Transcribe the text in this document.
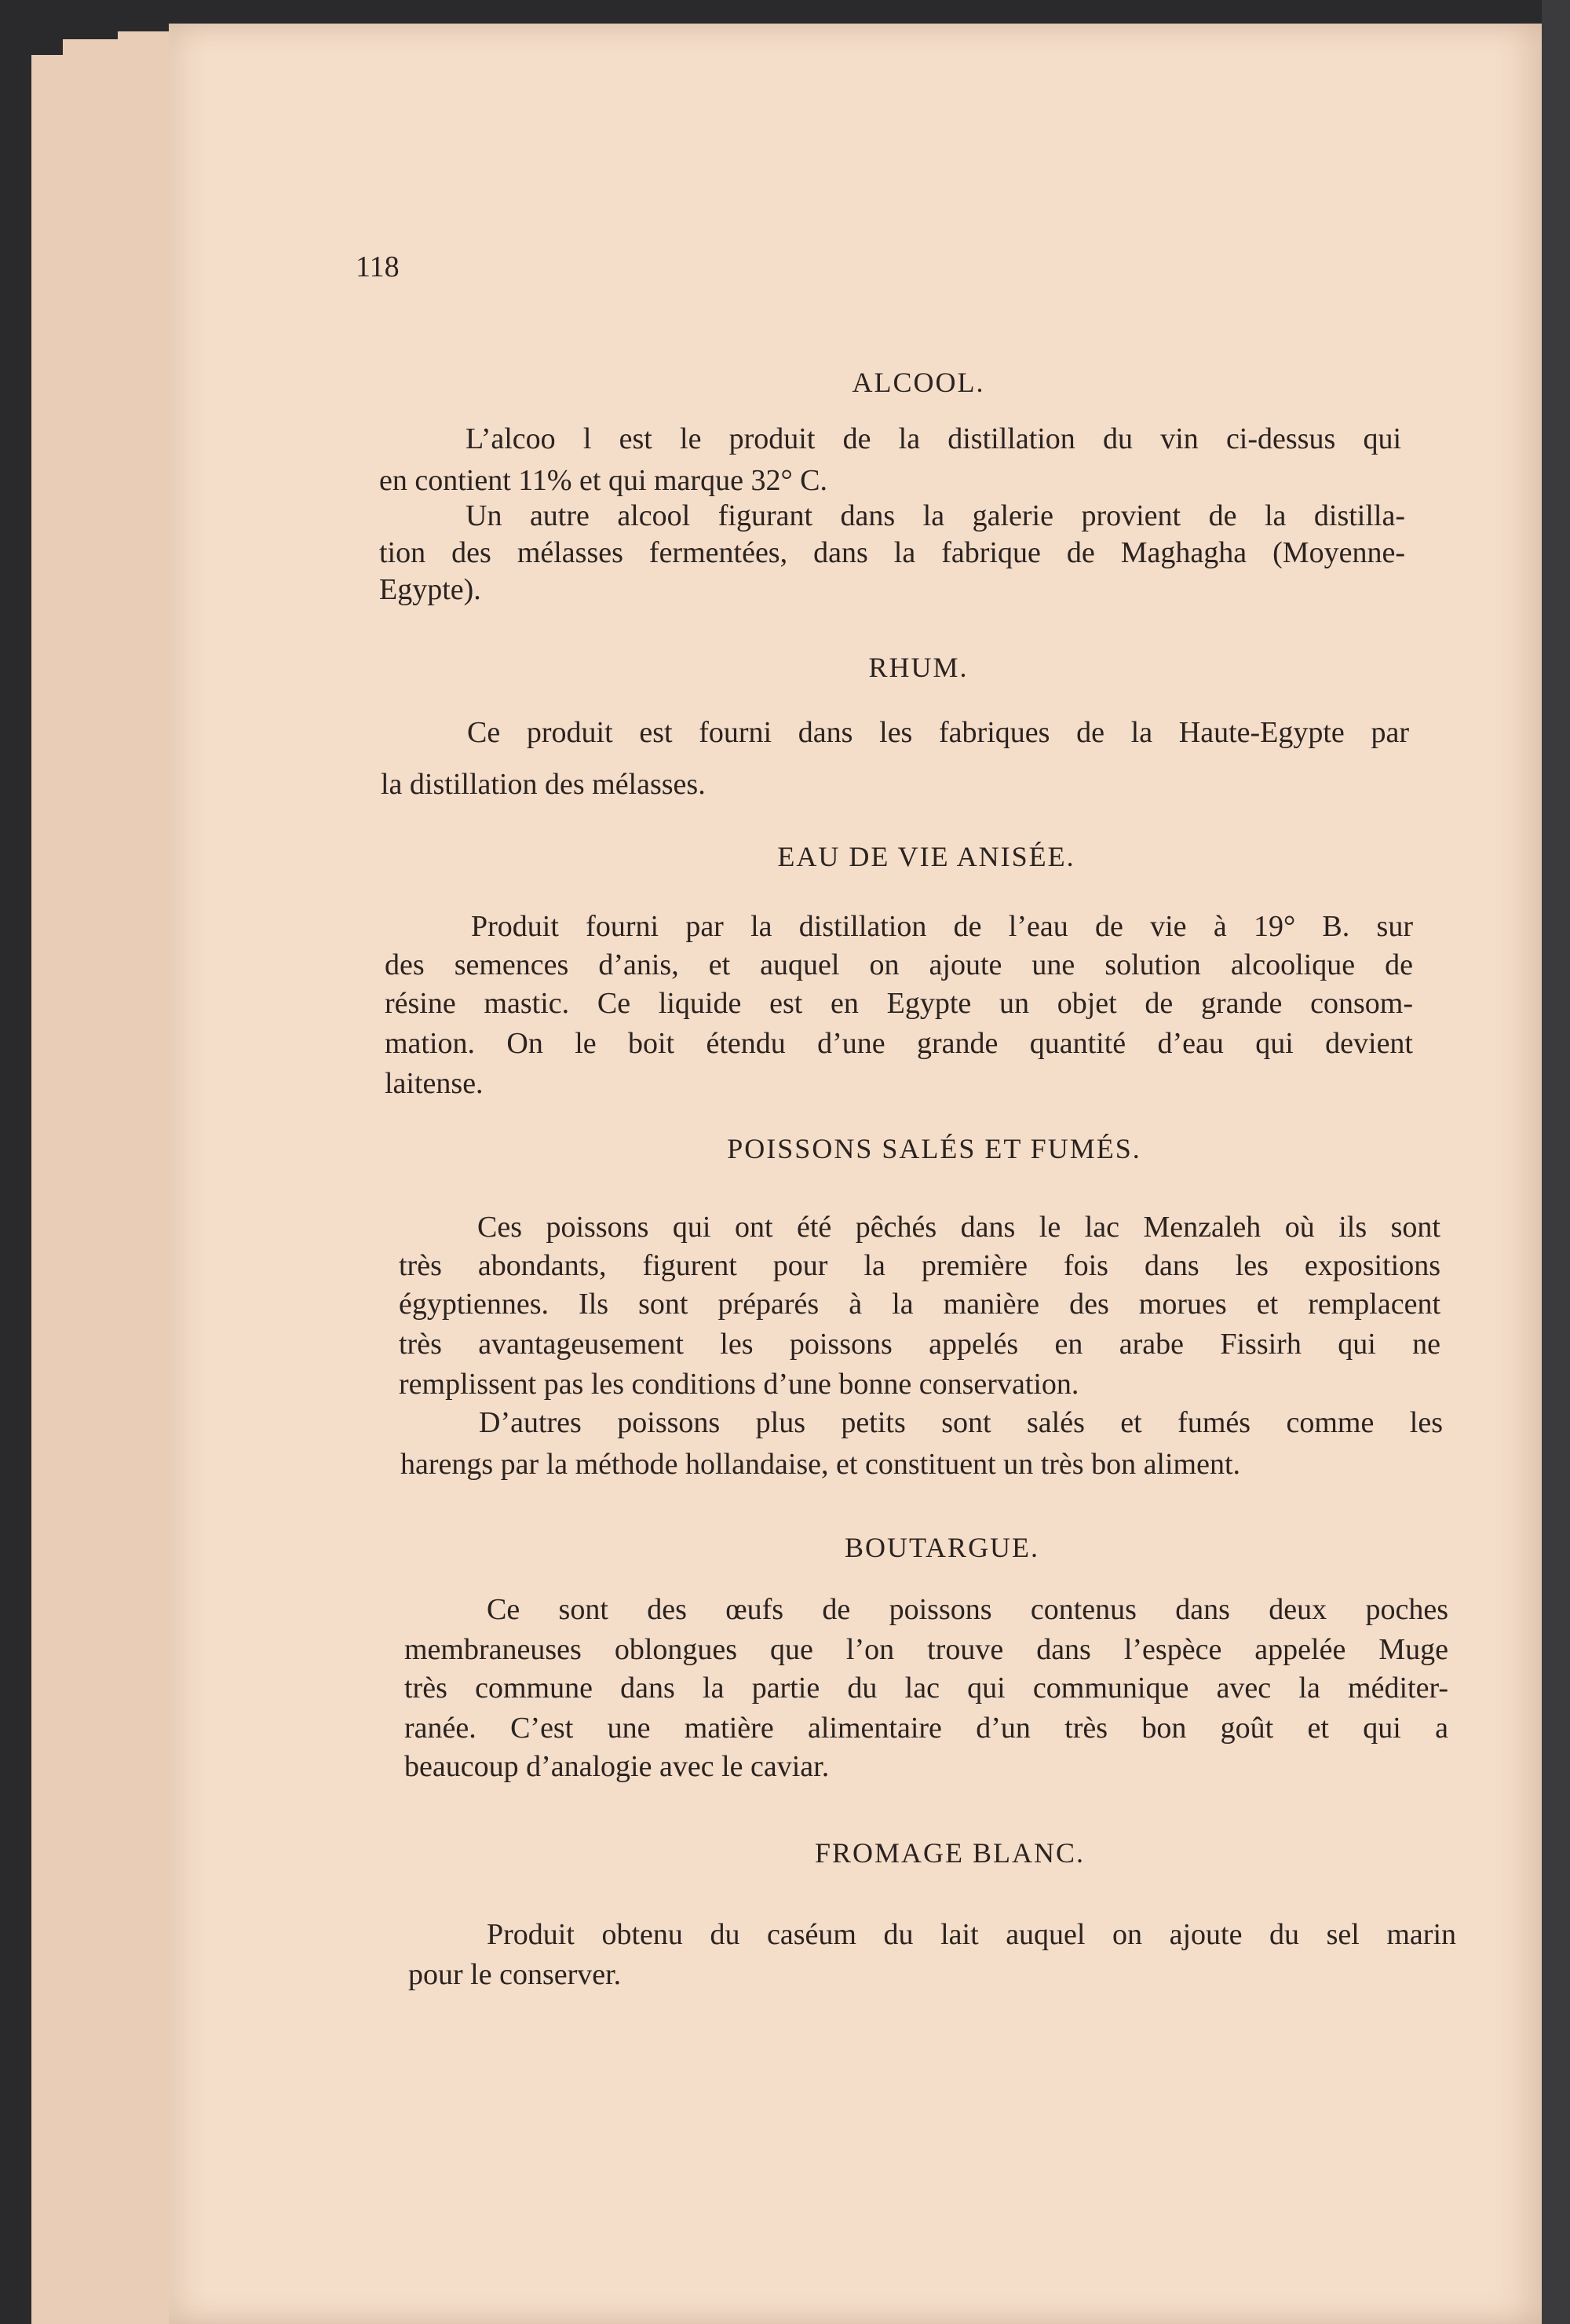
118
ALCOOL.
L’alcoo l est le produit de la distillation du vin ci-dessus qui
en contient 11% et qui marque 32° C.
Un autre alcool figurant dans la galerie provient de la distilla-
tion des mélasses fermentées, dans la fabrique de Maghagha (Moyenne-
Egypte).
RHUM.
Ce produit est fourni dans les fabriques de la Haute-Egypte par
la distillation des mélasses.
EAU DE VIE ANISÉE.
Produit fourni par la distillation de l’eau de vie à 19° B. sur
des semences d’anis, et auquel on ajoute une solution alcoolique de
résine mastic. Ce liquide est en Egypte un objet de grande consom-
mation. On le boit étendu d’une grande quantité d’eau qui devient
laitense.
POISSONS SALÉS ET FUMÉS.
Ces poissons qui ont été pêchés dans le lac Menzaleh où ils sont
très abondants, figurent pour la première fois dans les expositions
égyptiennes. Ils sont préparés à la manière des morues et remplacent
très avantageusement les poissons appelés en arabe Fissirh qui ne
remplissent pas les conditions d’une bonne conservation.
D’autres poissons plus petits sont salés et fumés comme les
harengs par la méthode hollandaise, et constituent un très bon aliment.
BOUTARGUE.
Ce sont des œufs de poissons contenus dans deux poches
membraneuses oblongues que l’on trouve dans l’espèce appelée Muge
très commune dans la partie du lac qui communique avec la méditer-
ranée. C’est une matière alimentaire d’un très bon goût et qui a
beaucoup d’analogie avec le caviar.
FROMAGE BLANC.
Produit obtenu du caséum du lait auquel on ajoute du sel marin
pour le conserver.
